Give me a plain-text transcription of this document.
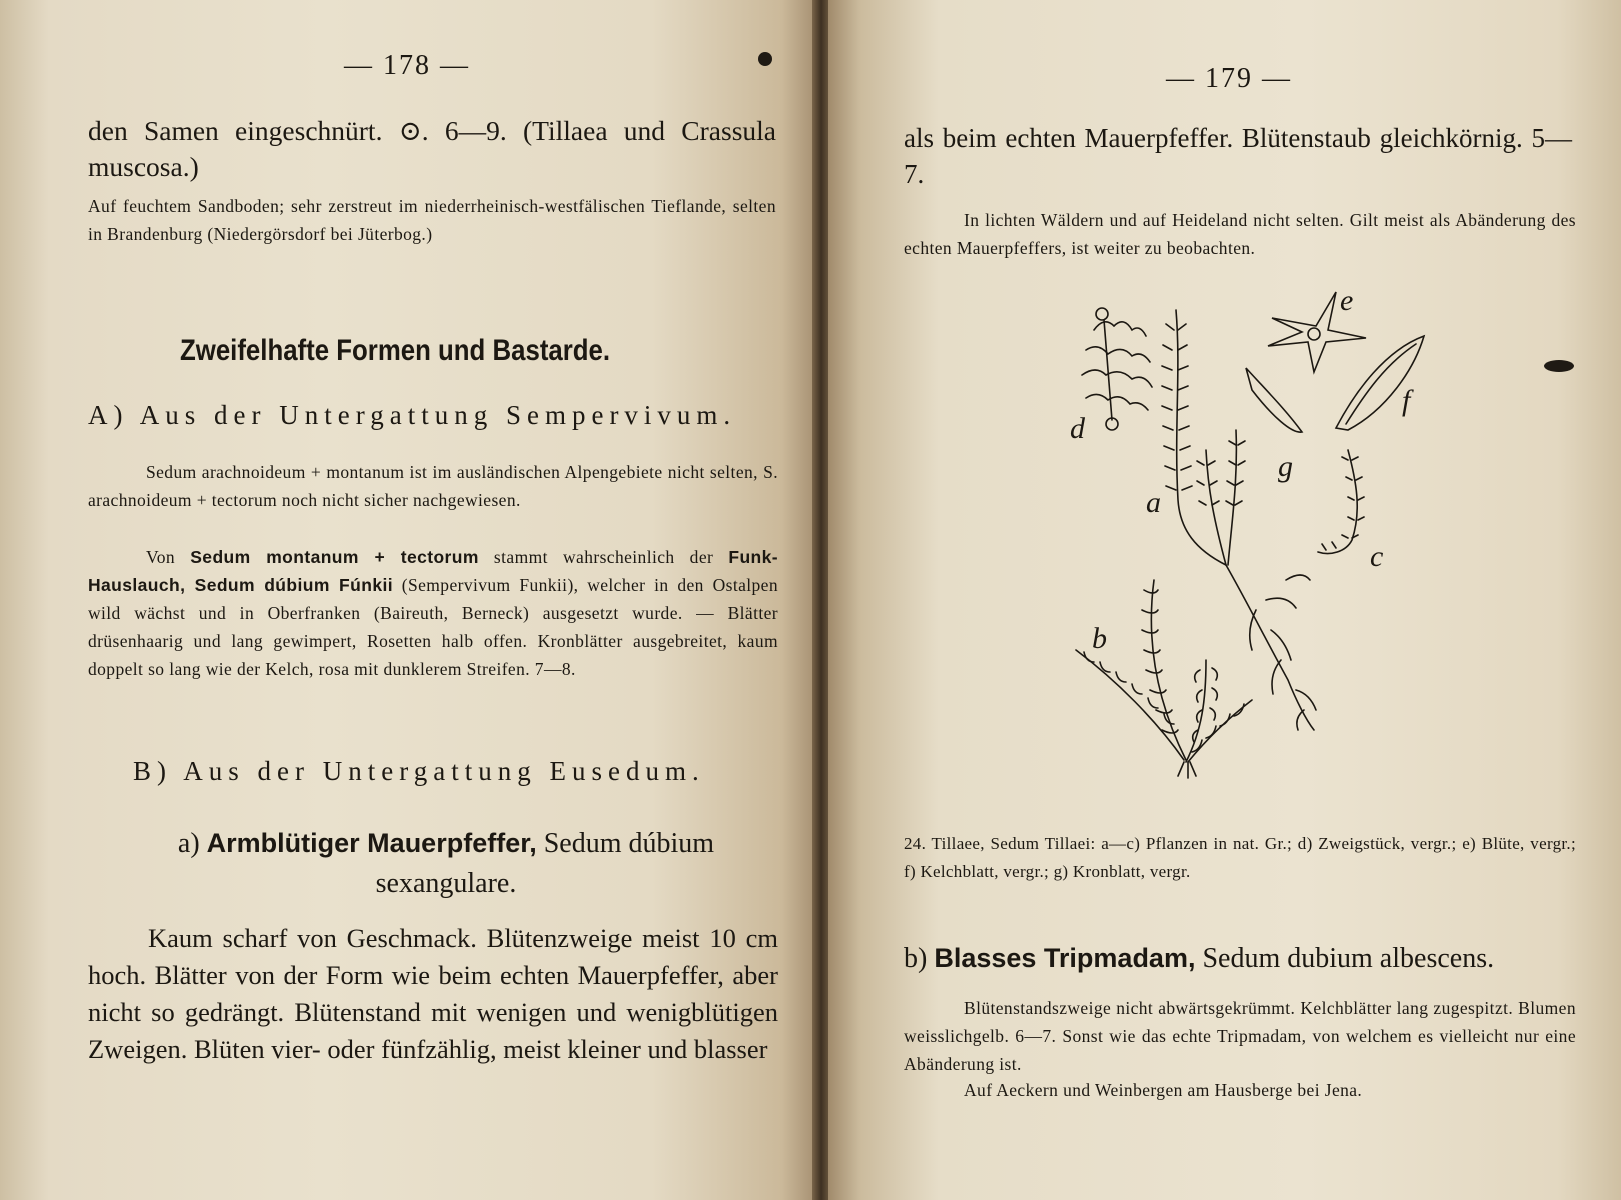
— 178 —
den Samen eingeschnürt. ⊙. 6—9. (Tillaea und Crassula muscosa.)
Auf feuchtem Sandboden; sehr zerstreut im niederrheinisch-westfälischen Tieflande, selten in Brandenburg (Niedergörsdorf bei Jüterbog.)
Zweifelhafte Formen und Bastarde.
A) Aus der Untergattung Sempervivum.
Sedum arachnoideum + montanum ist im ausländischen Alpengebiete nicht selten, S. arachnoideum + tectorum noch nicht sicher nachgewiesen.
Von Sedum montanum + tectorum stammt wahrscheinlich der Funk-Hauslauch, Sedum dúbium Fúnkii (Sempervivum Funkii), welcher in den Ostalpen wild wächst und in Oberfranken (Baireuth, Berneck) ausgesetzt wurde. — Blätter drüsenhaarig und lang gewimpert, Rosetten halb offen. Kronblätter ausgebreitet, kaum doppelt so lang wie der Kelch, rosa mit dunklerem Streifen. 7—8.
B) Aus der Untergattung Eusedum.
a) Armblütiger Mauerpfeffer, Sedum dúbium sexangulare.
Kaum scharf von Geschmack. Blütenzweige meist 10 cm hoch. Blätter von der Form wie beim echten Mauerpfeffer, aber nicht so gedrängt. Blütenstand mit wenigen und wenigblütigen Zweigen. Blüten vier- oder fünfzählig, meist kleiner und blasser
— 179 —
als beim echten Mauerpfeffer. Blütenstaub gleichkörnig. 5—7.
In lichten Wäldern und auf Heideland nicht selten. Gilt meist als Abänderung des echten Mauerpfeffers, ist weiter zu beobachten.
d
a
b
c
e
f
g
24. Tillaee, Sedum Tillaei: a—c) Pflanzen in nat. Gr.; d) Zweigstück, vergr.; e) Blüte, vergr.; f) Kelchblatt, vergr.; g) Kronblatt, vergr.
b) Blasses Tripmadam, Sedum dubium albescens.
Blütenstandszweige nicht abwärtsgekrümmt. Kelchblätter lang zugespitzt. Blumen weisslichgelb. 6—7. Sonst wie das echte Tripmadam, von welchem es vielleicht nur eine Abänderung ist.
Auf Aeckern und Weinbergen am Hausberge bei Jena.
